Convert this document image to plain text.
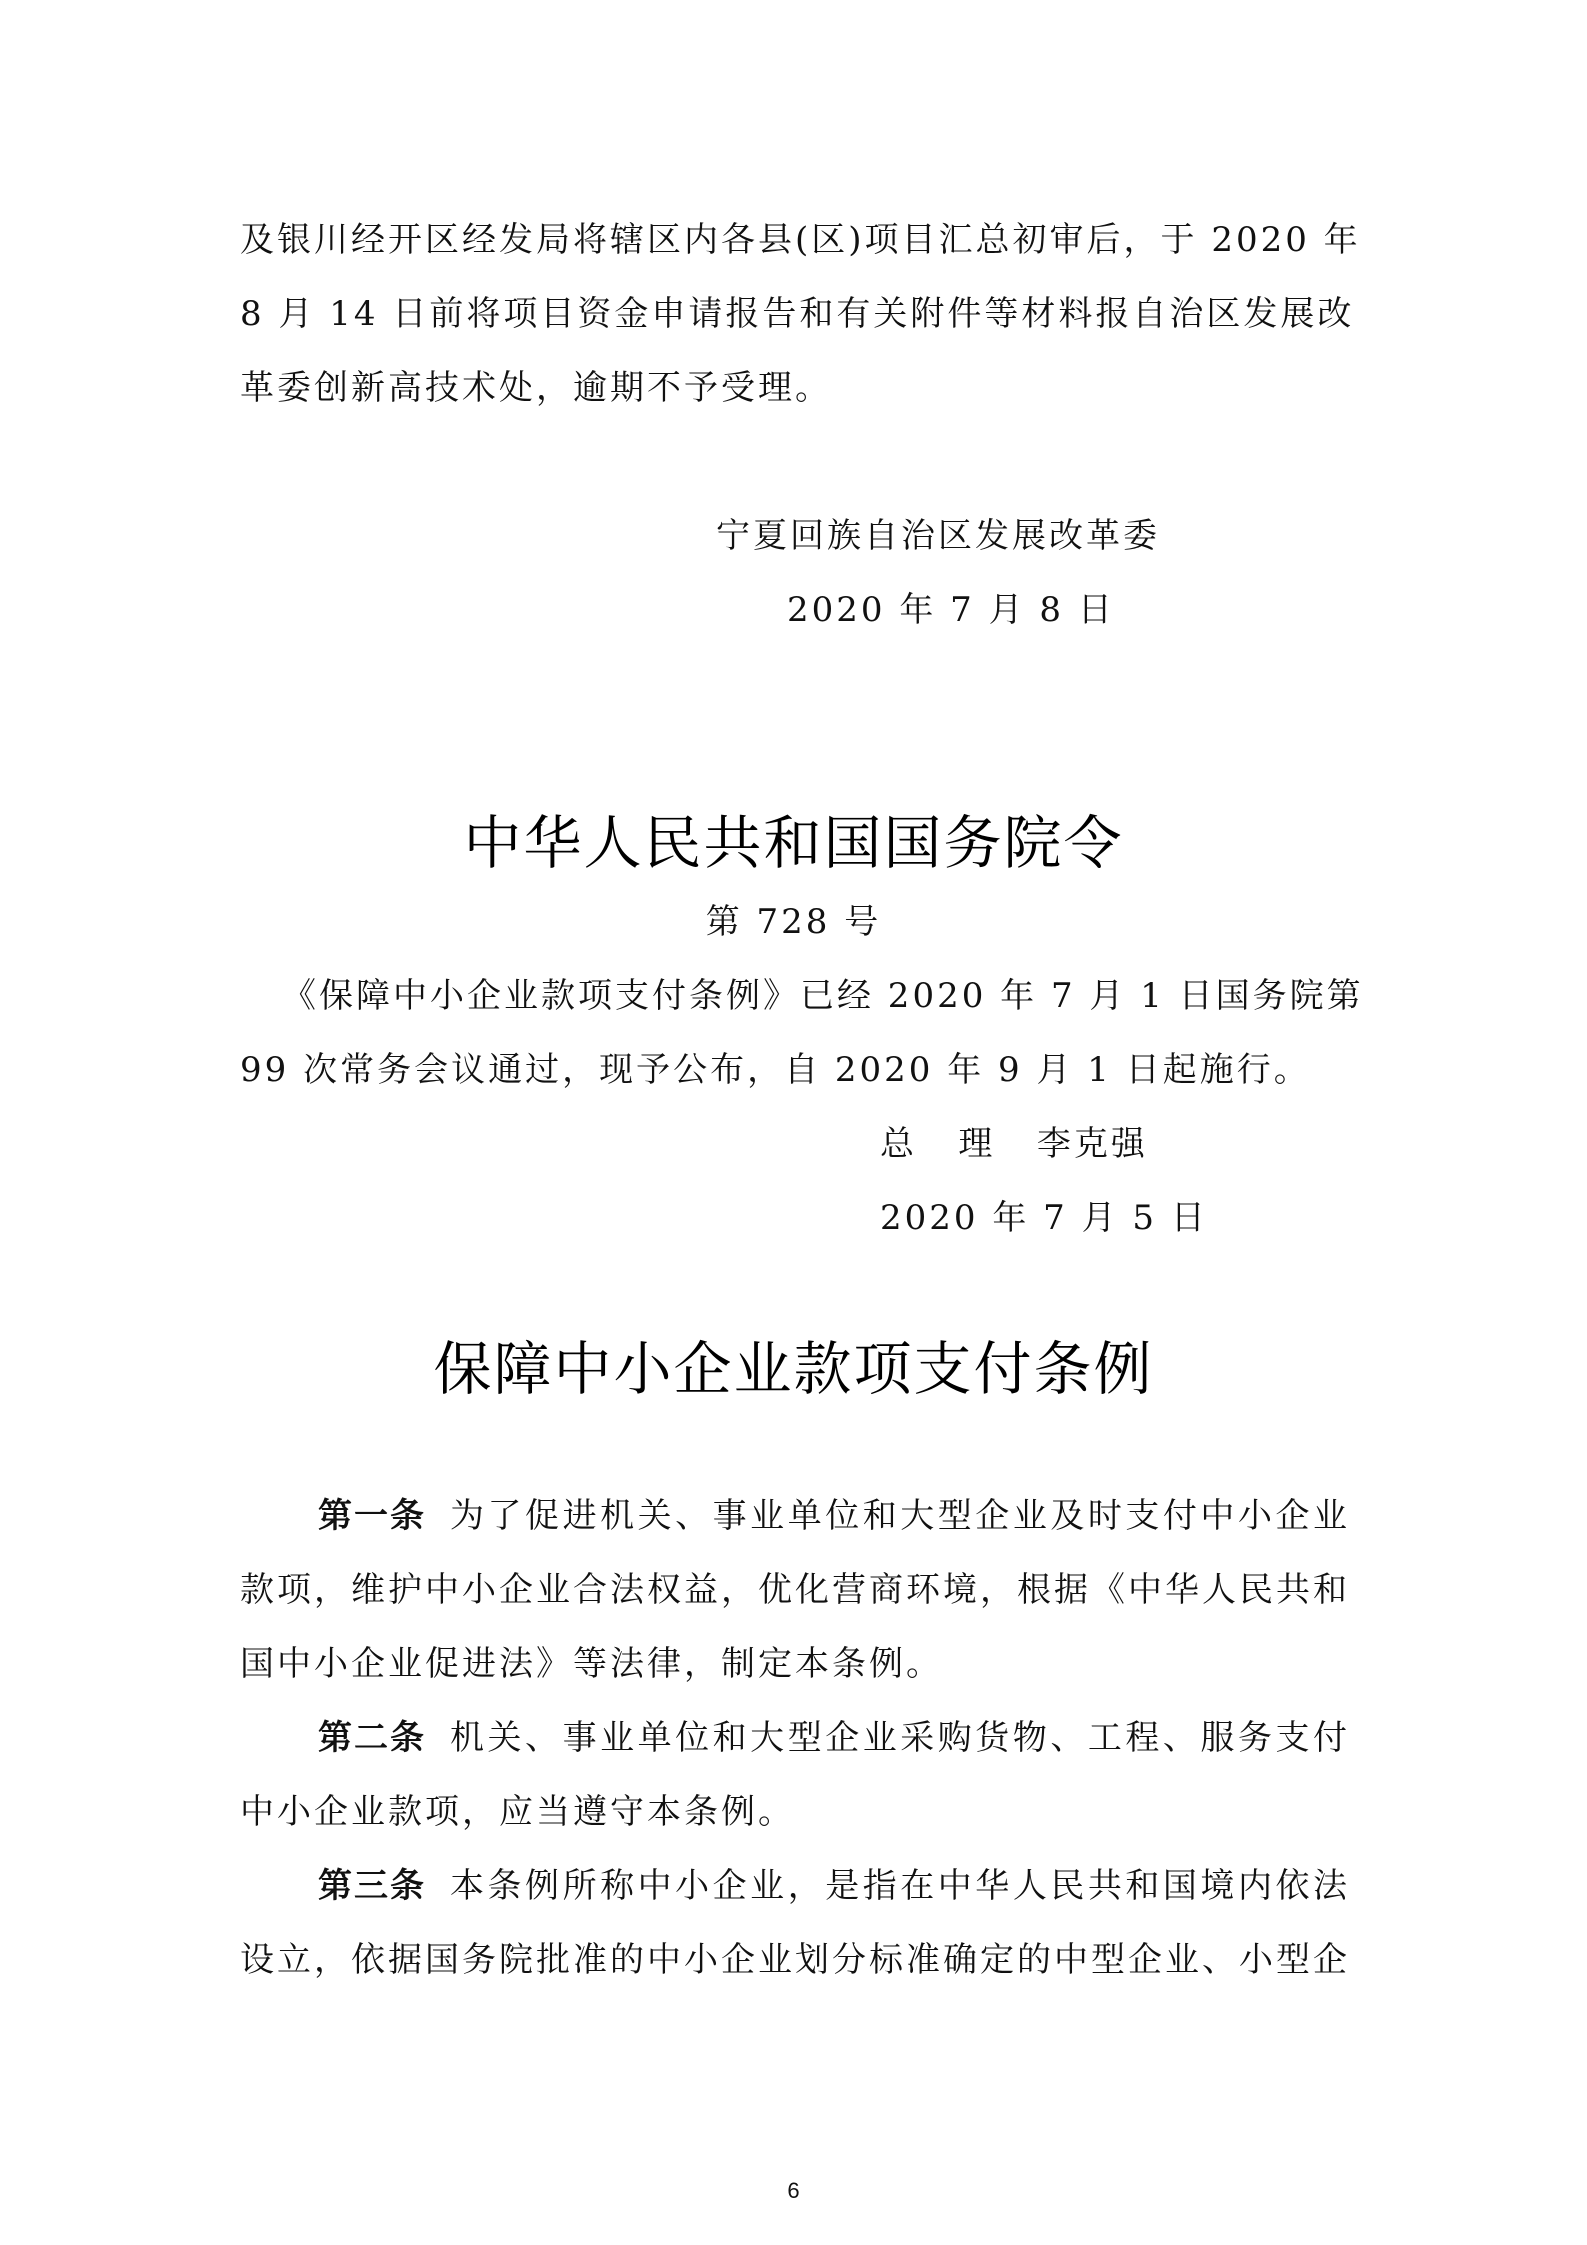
及银川经开区经发局将辖区内各县(区)项目汇总初审后，于 2020 年
8 月 14 日前将项目资金申请报告和有关附件等材料报自治区发展改
革委创新高技术处，逾期不予受理。
宁夏回族自治区发展改革委
2020 年 7 月 8 日
中华人民共和国国务院令
第 728 号
《保障中小企业款项支付条例》已经 2020 年 7 月 1 日国务院第
99 次常务会议通过，现予公布，自 2020 年 9 月 1 日起施行。
总   理   李克强
2020 年 7 月 5 日
保障中小企业款项支付条例
第一条 为了促进机关、事业单位和大型企业及时支付中小企业
款项，维护中小企业合法权益，优化营商环境，根据《中华人民共和
国中小企业促进法》等法律，制定本条例。
第二条 机关、事业单位和大型企业采购货物、工程、服务支付
中小企业款项，应当遵守本条例。
第三条 本条例所称中小企业，是指在中华人民共和国境内依法
设立，依据国务院批准的中小企业划分标准确定的中型企业、小型企
6
